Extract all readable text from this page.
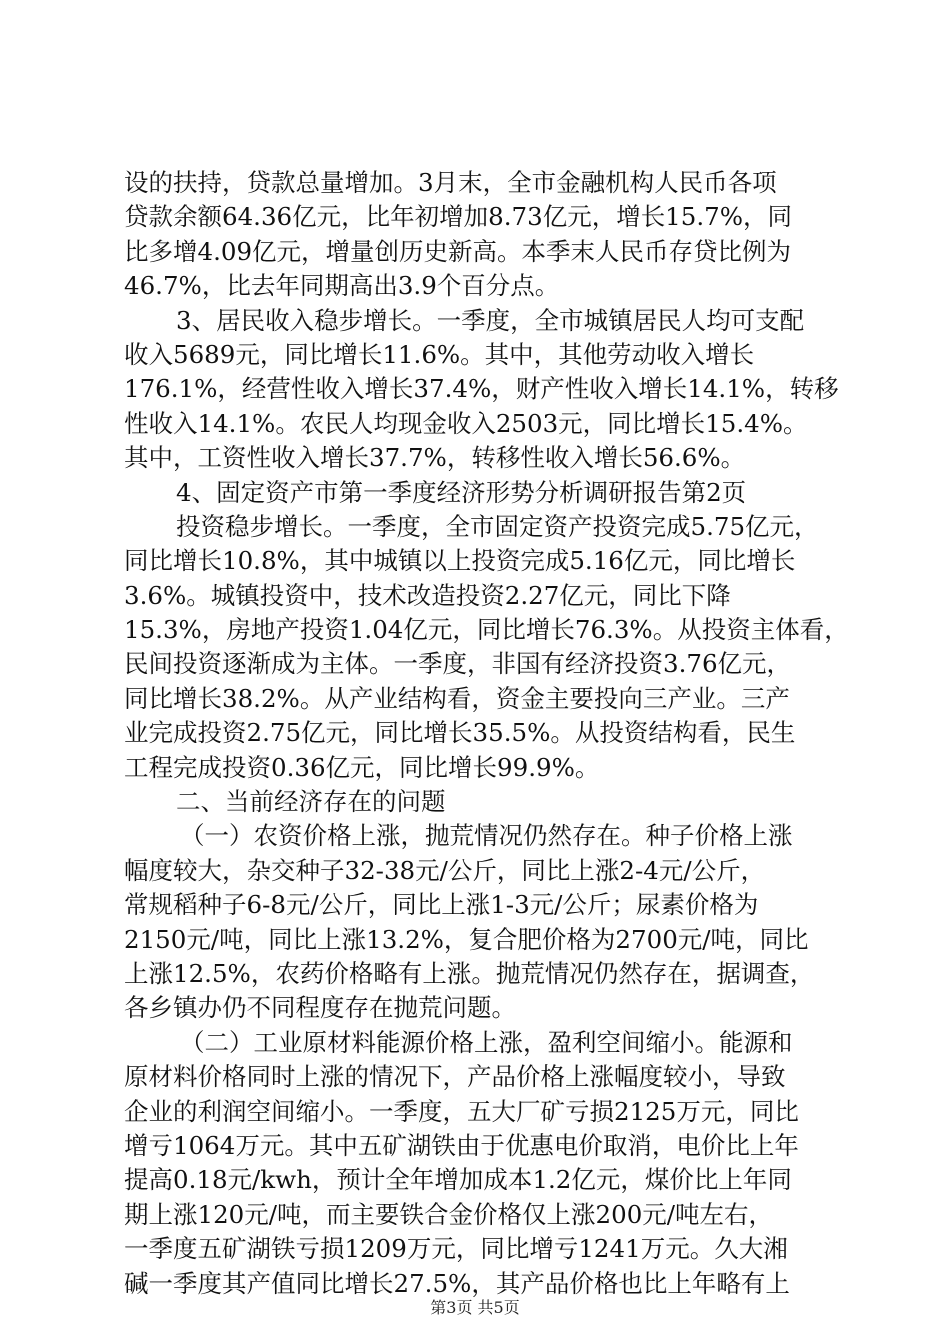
设的扶持，贷款总量增加。3月末，全市金融机构人民币各项
贷款余额64.36亿元，比年初增加8.73亿元，增长15.7%，同
比多增4.09亿元，增量创历史新高。本季末人民币存贷比例为
46.7%，比去年同期高出3.9个百分点。
3、居民收入稳步增长。一季度，全市城镇居民人均可支配
收入5689元，同比增长11.6%。其中，其他劳动收入增长
176.1%，经营性收入增长37.4%，财产性收入增长14.1%，转移
性收入14.1%。农民人均现金收入2503元，同比增长15.4%。
其中，工资性收入增长37.7%，转移性收入增长56.6%。
4、固定资产市第一季度经济形势分析调研报告第2页
投资稳步增长。一季度，全市固定资产投资完成5.75亿元，
同比增长10.8%，其中城镇以上投资完成5.16亿元，同比增长
3.6%。城镇投资中，技术改造投资2.27亿元，同比下降
15.3%，房地产投资1.04亿元，同比增长76.3%。从投资主体看，
民间投资逐渐成为主体。一季度，非国有经济投资3.76亿元，
同比增长38.2%。从产业结构看，资金主要投向三产业。三产
业完成投资2.75亿元，同比增长35.5%。从投资结构看，民生
工程完成投资0.36亿元，同比增长99.9%。
二、当前经济存在的问题
（一）农资价格上涨，抛荒情况仍然存在。种子价格上涨
幅度较大，杂交种子32-38元/公斤，同比上涨2-4元/公斤，
常规稻种子6-8元/公斤，同比上涨1-3元/公斤；尿素价格为
2150元/吨，同比上涨13.2%，复合肥价格为2700元/吨，同比
上涨12.5%，农药价格略有上涨。抛荒情况仍然存在，据调查，
各乡镇办仍不同程度存在抛荒问题。
（二）工业原材料能源价格上涨，盈利空间缩小。能源和
原材料价格同时上涨的情况下，产品价格上涨幅度较小，导致
企业的利润空间缩小。一季度，五大厂矿亏损2125万元，同比
增亏1064万元。其中五矿湖铁由于优惠电价取消，电价比上年
提高0.18元/kwh，预计全年增加成本1.2亿元，煤价比上年同
期上涨120元/吨，而主要铁合金价格仅上涨200元/吨左右，
一季度五矿湖铁亏损1209万元，同比增亏1241万元。久大湘
碱一季度其产值同比增长27.5%，其产品价格也比上年略有上
第3页 共5页
